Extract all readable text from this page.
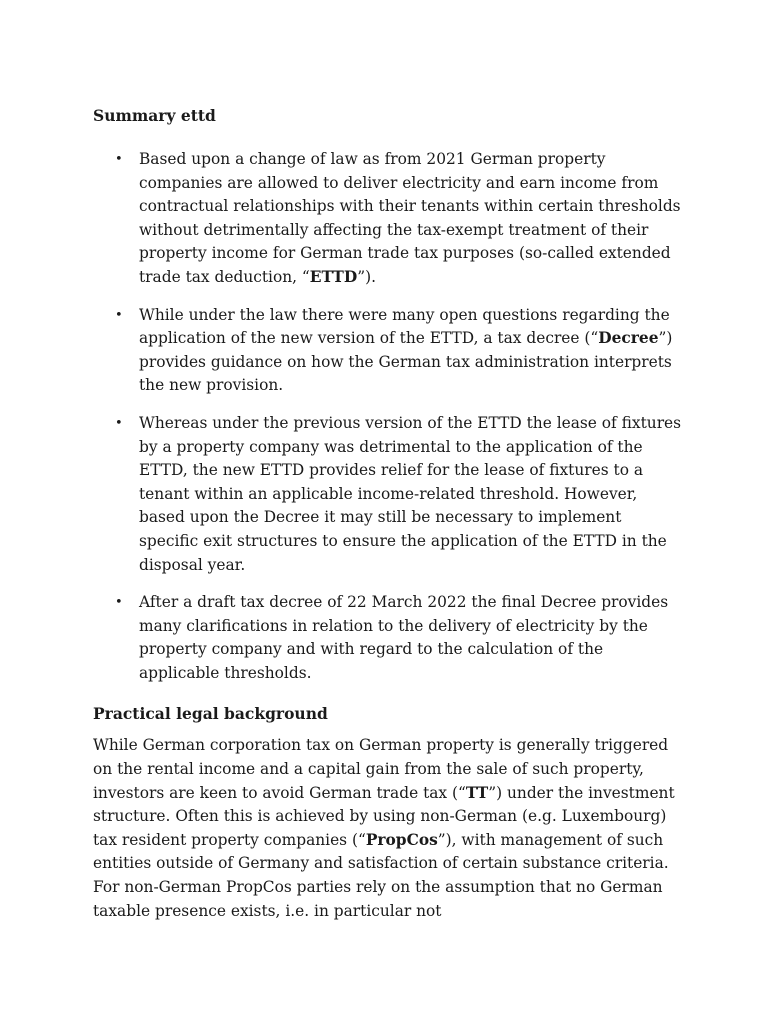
Summary ettd
• Based upon a change of law as from 2021 German property companies are allowed to deliver electricity and earn income from contractual relationships with their tenants within certain thresholds without detrimentally affecting the tax-exempt treatment of their property income for German trade tax purposes (so-called extended trade tax deduction, “ETTD”).
• While under the law there were many open questions regarding the application of the new version of the ETTD, a tax decree (“Decree”) provides guidance on how the German tax administration interprets the new provision.
• Whereas under the previous version of the ETTD the lease of fixtures by a property company was detrimental to the application of the ETTD, the new ETTD provides relief for the lease of fixtures to a tenant within an applicable income-related threshold. However, based upon the Decree it may still be necessary to implement specific exit structures to ensure the application of the ETTD in the disposal year.
• After a draft tax decree of 22 March 2022 the final Decree provides many clarifications in relation to the delivery of electricity by the property company and with regard to the calculation of the applicable thresholds.
Practical legal background

While German corporation tax on German property is generally triggered on the rental income and a capital gain from the sale of such property, investors are keen to avoid German trade tax (“TT”) under the investment structure. Often this is achieved by using non-German (e.g. Luxembourg) tax resident property companies (“PropCos”), with management of such entities outside of Germany and satisfaction of certain substance criteria. For non-German PropCos parties rely on the assumption that no German taxable presence exists, i.e. in particular not
